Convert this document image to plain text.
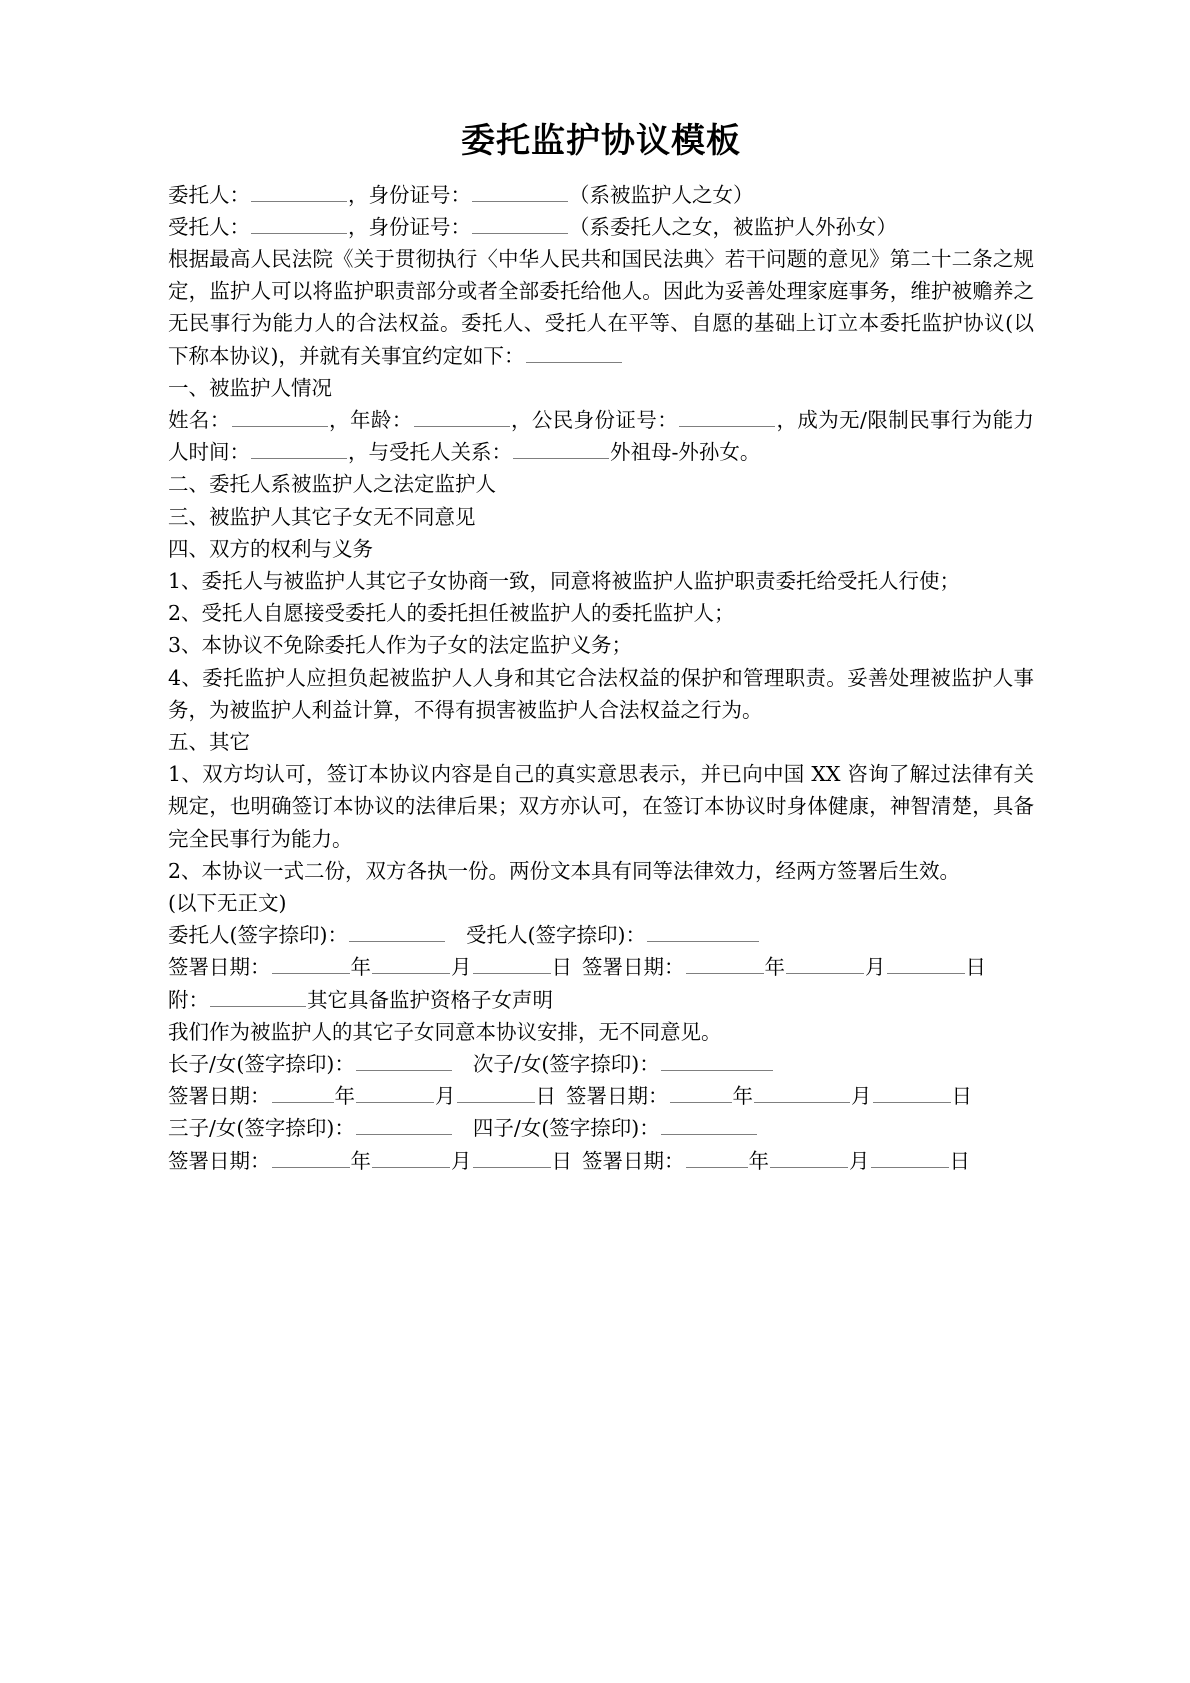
委托监护协议模板

委托人：	，身份证号：	（系被监护人之女）

受托人：	，身份证号：	（系委托人之女，被监护人外孙女）

根据最高人民法院《关于贯彻执行〈中华人民共和国民法典〉若干问题的意见》第二十二条之规定，监护人可以将监护职责部分或者全部委托给他人。因此为妥善处理家庭事务，维护被赡养之无民事行为能力人的合法权益。委托人、受托人在平等、自愿的基础上订立本委托监护协议(以下称本协议)，并就有关事宜约定如下：

一、被监护人情况

姓名：	，年龄：	，公民身份证号：	，成为无/限制民事行为能力人时间：	，与受托人关系：	外祖母-外孙女。

二、委托人系被监护人之法定监护人

三、被监护人其它子女无不同意见

四、双方的权利与义务

1、委托人与被监护人其它子女协商一致，同意将被监护人监护职责委托给受托人行使；

2、受托人自愿接受委托人的委托担任被监护人的委托监护人；

3、本协议不免除委托人作为子女的法定监护义务；

4、委托监护人应担负起被监护人人身和其它合法权益的保护和管理职责。妥善处理被监护人事务，为被监护人利益计算，不得有损害被监护人合法权益之行为。

五、其它

1、双方均认可，签订本协议内容是自己的真实意思表示，并已向中国 XX 咨询了解过法律有关规定，也明确签订本协议的法律后果；双方亦认可，在签订本协议时身体健康，神智清楚，具备完全民事行为能力。

2、本协议一式二份，双方各执一份。两份文本具有同等法律效力，经两方签署后生效。

(以下无正文)

委托人(签字捺印)：	受托人(签字捺印)：

签署日期：	年	月	日 签署日期：	年	月	日

附：	其它具备监护资格子女声明

我们作为被监护人的其它子女同意本协议安排，无不同意见。

长子/女(签字捺印)：	次子/女(签字捺印)：

签署日期：	年	月	日 签署日期：	年	月	日

三子/女(签字捺印)：	四子/女(签字捺印)：

签署日期：	年	月	日 签署日期：	年	月	日
